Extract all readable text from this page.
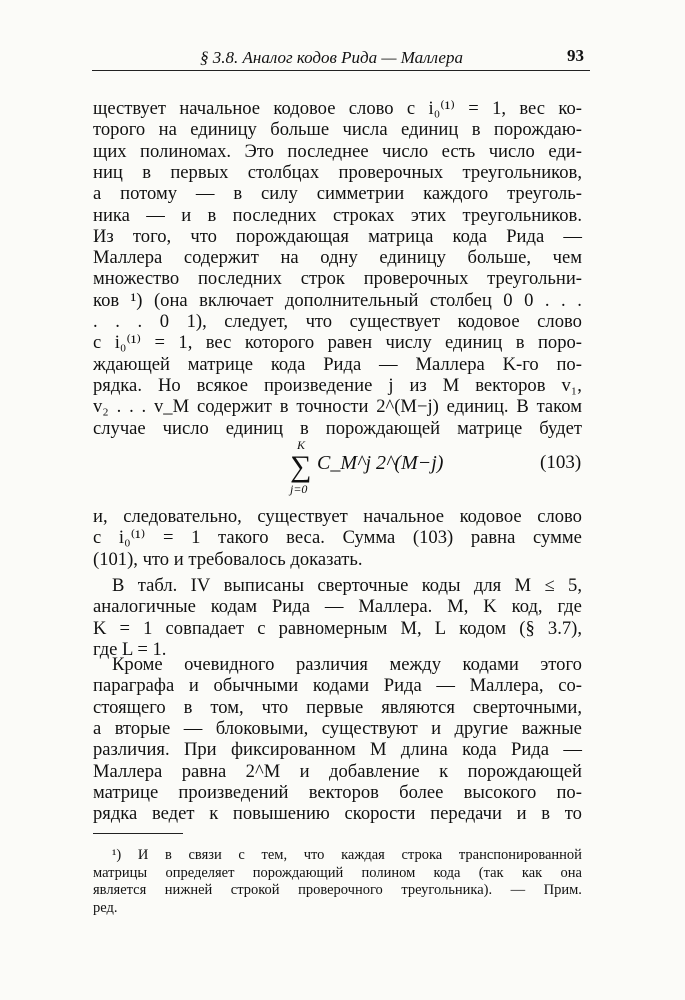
§ 3.8. Аналог кодов Рида — Маллера	93
ществует начальное кодовое слово с i₀⁽¹⁾ = 1, вес ко-
торого на единицу больше числа единиц в порождаю-
щих полиномах. Это последнее число есть число еди-
ниц в первых столбцах проверочных треугольников,
а потому — в силу симметрии каждого треуголь-
ника — и в последних строках этих треугольников.
Из того, что порождающая матрица кода Рида —
Маллера содержит на одну единицу больше, чем
множество последних строк проверочных треугольни-
ков ¹) (она включает дополнительный столбец 0 0 . . .
. . . 0 1), следует, что существует кодовое слово
с i₀⁽¹⁾ = 1, вес которого равен числу единиц в поро-
ждающей матрице кода Рида — Маллера K-го по-
рядка. Но всякое произведение j из M векторов v₁,
v₂ . . . v_M содержит в точности 2^(M−j) единиц. В таком
случае число единиц в порождающей матрице будет
K
∑
j=0
C_M^j 2^(M−j)	(103)
и, следовательно, существует начальное кодовое слово
с i₀⁽¹⁾ = 1 такого веса. Сумма (103) равна сумме
(101), что и требовалось доказать.
В табл. IV выписаны сверточные коды для M ≤ 5,
аналогичные кодам Рида — Маллера. M, K код, где
K = 1 совпадает с равномерным M, L кодом (§ 3.7),
где L = 1.
Кроме очевидного различия между кодами этого
параграфа и обычными кодами Рида — Маллера, со-
стоящего в том, что первые являются сверточными,
а вторые — блоковыми, существуют и другие важные
различия. При фиксированном M длина кода Рида —
Маллера равна 2^M и добавление к порождающей
матрице произведений векторов более высокого по-
рядка ведет к повышению скорости передачи и в то
¹) И в связи с тем, что каждая строка транспонированной
матрицы определяет порождающий полином кода (так как она
является нижней строкой проверочного треугольника). — Прим.
ред.
